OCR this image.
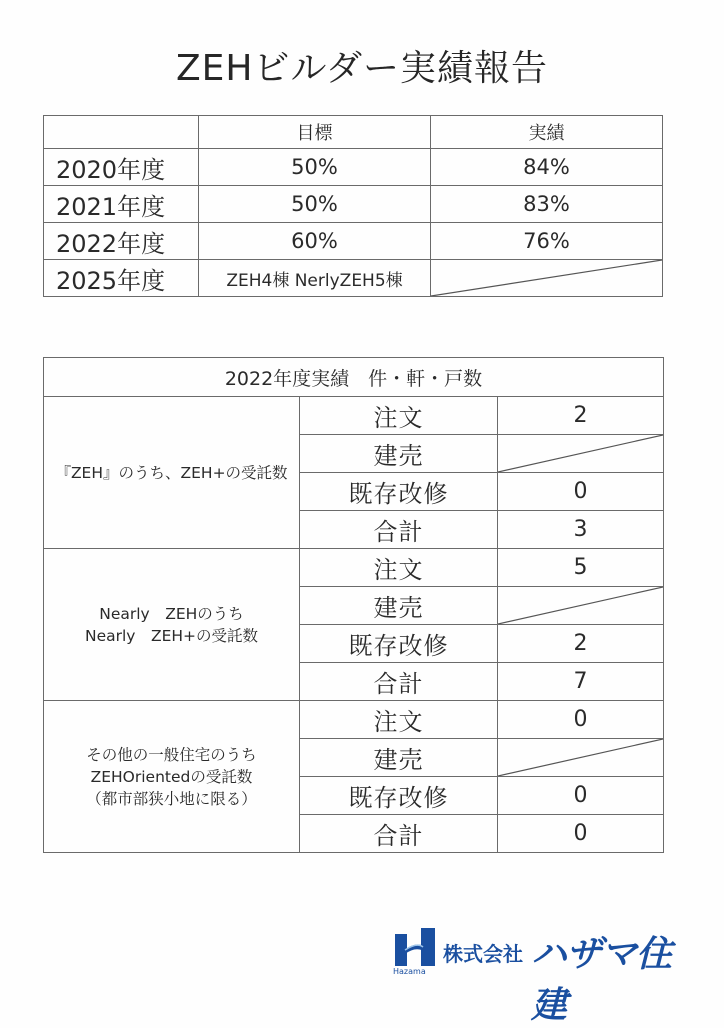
ZEHビルダー実績報告
	目標	実績
2020年度	50%	84%
2021年度	50%	83%
2022年度	60%	76%
2025年度	ZEH4棟 NerlyZEH5棟	
2022年度実績　件・軒・戸数		

『ZEH』のうち、ZEH+の受託数	注文	2
	建売	

	既存改修	0
	合計	3

Nearly　ZEHのうち
Nearly　ZEH+の受託数	注文	5
	建売	

	既存改修	2
	合計	7

その他の一般住宅のうち
ZEHOrientedの受託数
（都市部狭小地に限る）	注文	0
	建売	

	既存改修	0
	合計	0
Hazama
株式会社 ハザマ住建
